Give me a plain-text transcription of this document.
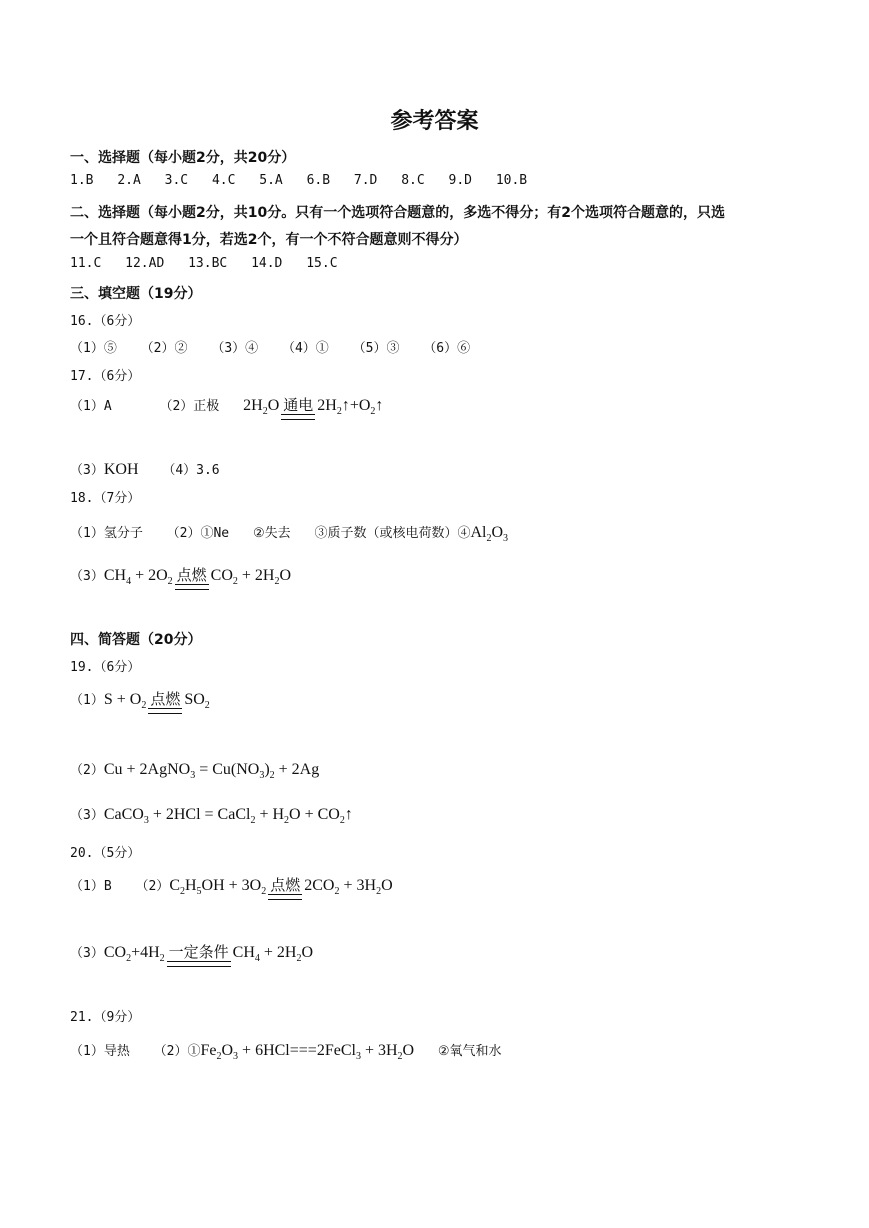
参考答案
一、选择题（每小题2分，共20分）
1.B 2.A 3.C 4.C 5.A 6.B 7.D 8.C 9.D 10.B
二、选择题（每小题2分，共10分。只有一个选项符合题意的，多选不得分；有2个选项符合题意的，只选
一个且符合题意得1分，若选2个，有一个不符合题意则不得分）
11.C 12.AD 13.BC 14.D 15.C
三、填空题（19分）
16.（6分）
（1）⑤ （2）② （3）④ （4）① （5）③ （6）⑥
17.（6分）
（1）A	（2）正极 $2H_2O$ 通电 $2H_2↑+O_2↑$
（3）KOH （4）3.6
18.（7分）
（1）氢分子 （2）①Ne ②失去 ③质子数（或核电荷数）$④Al_2O_3$
$(3)CH_4 + 2O_2$ 点燃 $CO_2 + 2H_2O$
四、简答题（20分）
19.（6分）
$(1)S + O_2$ 点燃 $SO_2$
（2）Cu + 2AgNO$_3$ = $Cu(NO_3)_2 + 2Ag$
（3）CaCO$_3$ + 2HCl = CaCl$_2$ + $H_2O$ + $CO_2↑$
20.（5分）
（1）B $(2)C_2H_5OH + 3O_2$ 点燃 $2CO_2 + 3H_2O$
$(3)CO_2+4H_2$ 一定条件 $CH_4 + 2H_2O$
21.（9分）
（1）导热 $(2)①Fe_2O_3$ + 6HCl===2FeCl$_3$ + $3H_2O$ ②氧气和水
